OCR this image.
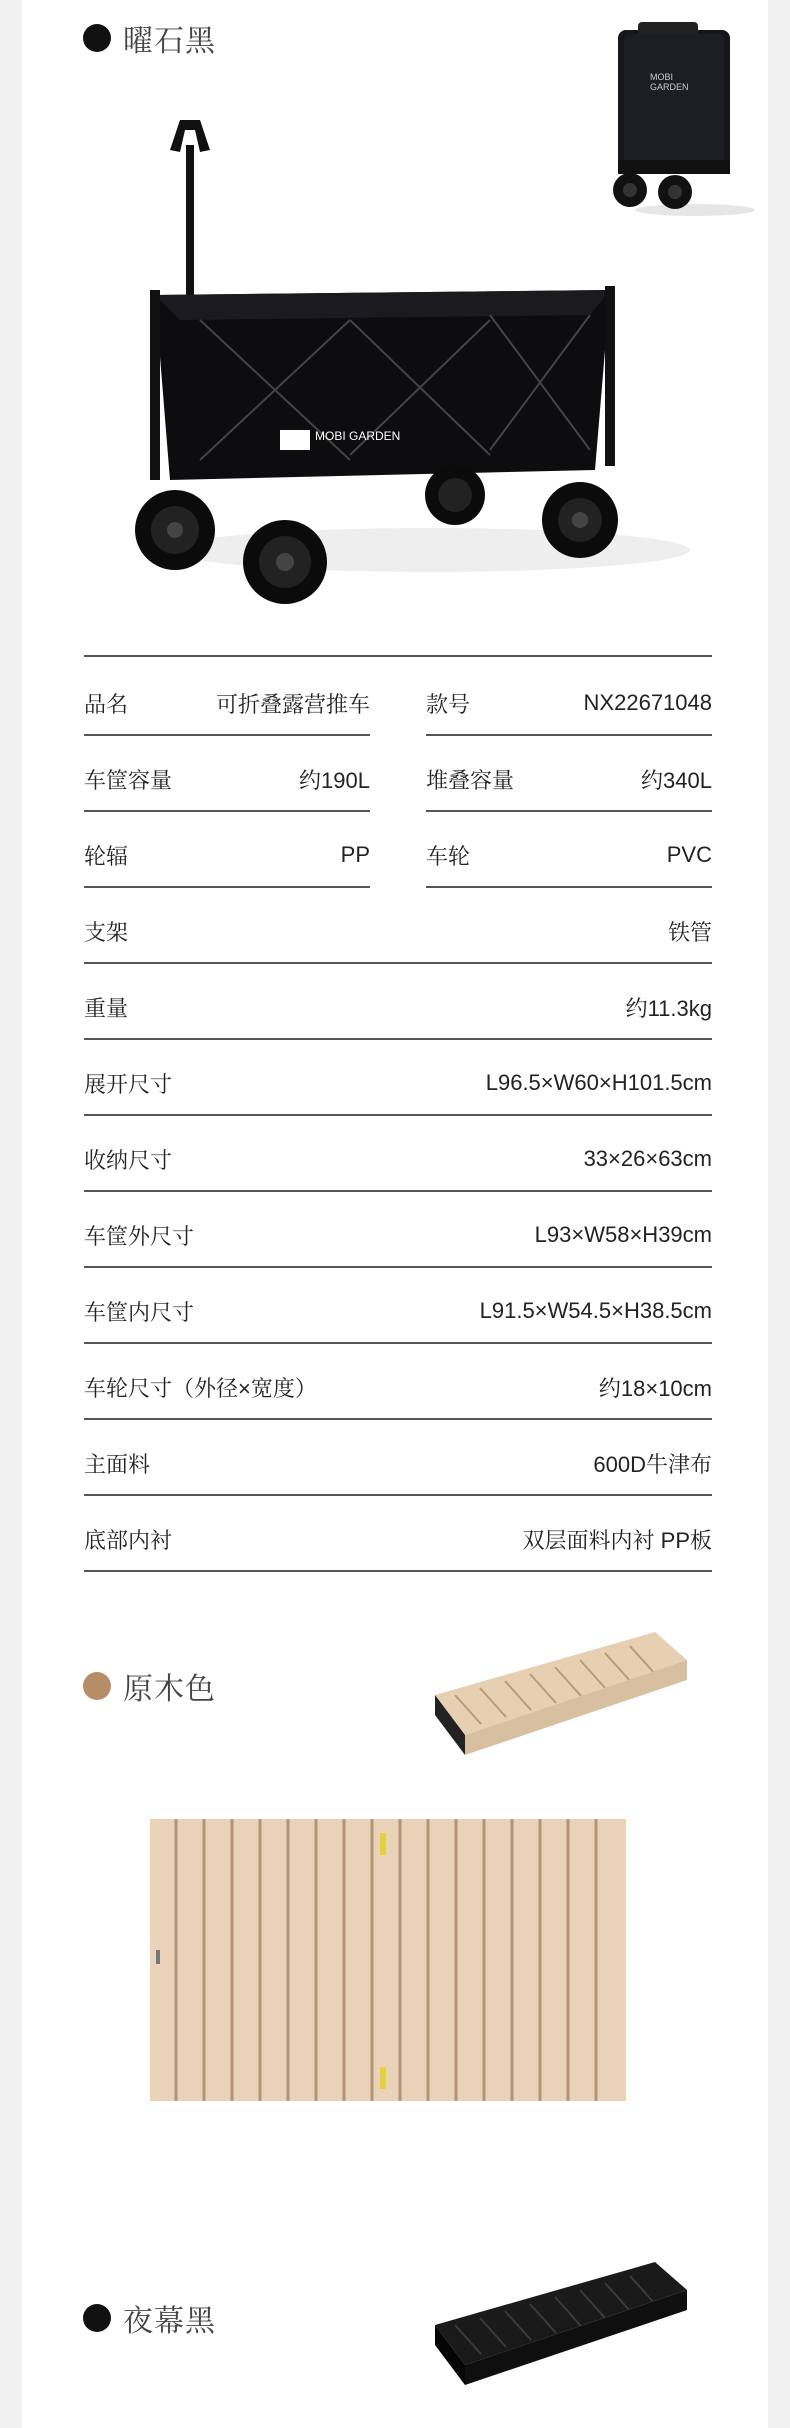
曜石黑
MOBI
GARDEN
MOBI GARDEN
品名	可折叠露营推车	款号	NX22671048
车筐容量	约190L	堆叠容量	约340L
轮辐	PP	车轮	PVC
支架	铁管
重量	约11.3kg
展开尺寸	L96.5×W60×H101.5cm
收纳尺寸	33×26×63cm
车筐外尺寸	L93×W58×H39cm
车筐内尺寸	L91.5×W54.5×H38.5cm
车轮尺寸（外径×宽度）	约18×10cm
主面料	600D牛津布
底部内衬	双层面料内衬 PP板
原木色
夜幕黑
